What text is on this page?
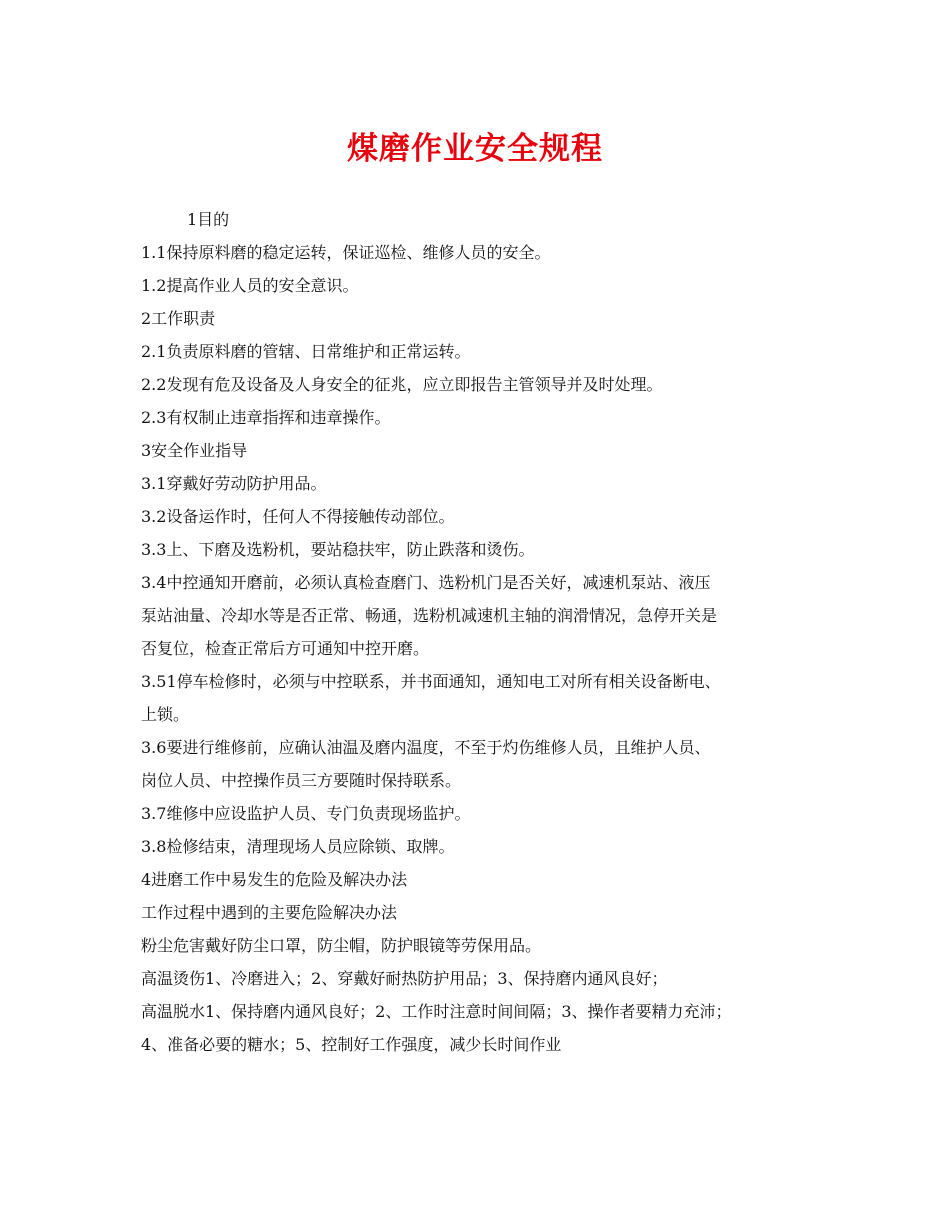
煤磨作业安全规程
1目的
1.1保持原料磨的稳定运转，保证巡检、维修人员的安全。
1.2提高作业人员的安全意识。
2工作职责
2.1负责原料磨的管辖、日常维护和正常运转。
2.2发现有危及设备及人身安全的征兆，应立即报告主管领导并及时处理。
2.3有权制止违章指挥和违章操作。
3安全作业指导
3.1穿戴好劳动防护用品。
3.2设备运作时，任何人不得接触传动部位。
3.3上、下磨及选粉机，要站稳扶牢，防止跌落和烫伤。
3.4中控通知开磨前，必须认真检查磨门、选粉机门是否关好，减速机泵站、液压
泵站油量、冷却水等是否正常、畅通，选粉机减速机主轴的润滑情况，急停开关是
否复位，检查正常后方可通知中控开磨。
3.51停车检修时，必须与中控联系，并书面通知，通知电工对所有相关设备断电、
上锁。
3.6要进行维修前，应确认油温及磨内温度，不至于灼伤维修人员，且维护人员、
岗位人员、中控操作员三方要随时保持联系。
3.7维修中应设监护人员、专门负责现场监护。
3.8检修结束，清理现场人员应除锁、取牌。
4进磨工作中易发生的危险及解决办法
工作过程中遇到的主要危险解决办法
粉尘危害戴好防尘口罩，防尘帽，防护眼镜等劳保用品。
高温烫伤1、冷磨进入；2、穿戴好耐热防护用品；3、保持磨内通风良好；
高温脱水1、保持磨内通风良好；2、工作时注意时间间隔；3、操作者要精力充沛；
4、准备必要的糖水；5、控制好工作强度，减少长时间作业
